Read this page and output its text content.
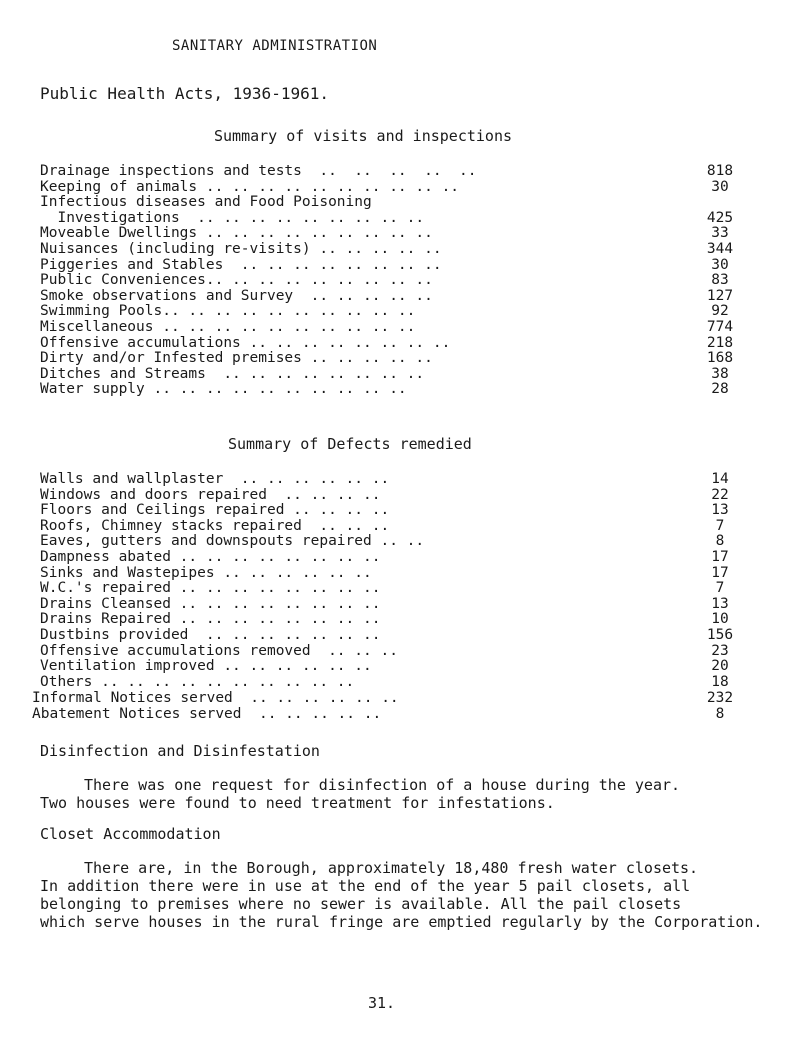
SANITARY ADMINISTRATION
Public Health Acts, 1936-1961.
Summary of visits and inspections
Drainage inspections and tests  ..  ..  ..  ..  ..	818
Keeping of animals .. .. .. .. .. .. .. .. .. ..	30
Infectious diseases and Food Poisoning
Investigations  .. .. .. .. .. .. .. .. ..	425
Moveable Dwellings .. .. .. .. .. .. .. .. ..	33
Nuisances (including re-visits) .. .. .. .. ..	344
Piggeries and Stables  .. .. .. .. .. .. .. ..	30
Public Conveniences.. .. .. .. .. .. .. .. ..	83
Smoke observations and Survey  .. .. .. .. ..	127
Swimming Pools.. .. .. .. .. .. .. .. .. ..	92
Miscellaneous .. .. .. .. .. .. .. .. .. ..	774
Offensive accumulations .. .. .. .. .. .. .. ..	218
Dirty and/or Infested premises .. .. .. .. ..	168
Ditches and Streams  .. .. .. .. .. .. .. ..	38
Water supply .. .. .. .. .. .. .. .. .. ..	28
Summary of Defects remedied
Walls and wallplaster  .. .. .. .. .. ..	14
Windows and doors repaired  .. .. .. ..	22
Floors and Ceilings repaired .. .. .. ..	13
Roofs, Chimney stacks repaired  .. .. ..	7
Eaves, gutters and downspouts repaired .. ..	8
Dampness abated .. .. .. .. .. .. .. ..	17
Sinks and Wastepipes .. .. .. .. .. ..	17
W.C.'s repaired .. .. .. .. .. .. .. ..	7
Drains Cleansed .. .. .. .. .. .. .. ..	13
Drains Repaired .. .. .. .. .. .. .. ..	10
Dustbins provided  .. .. .. .. .. .. ..	156
Offensive accumulations removed  .. .. ..	23
Ventilation improved .. .. .. .. .. ..	20
Others .. .. .. .. .. .. .. .. .. ..	18
Informal Notices served  .. .. .. .. .. ..	232
Abatement Notices served  .. .. .. .. ..	8
Disinfection and Disinfestation

There was one request for disinfection of a house during the year.

Two houses were found to need treatment for infestations.

Closet Accommodation

There are, in the Borough, approximately 18,480 fresh water closets.

In addition there were in use at the end of the year 5 pail closets, all

belonging to premises where no sewer is available. All the pail closets

which serve houses in the rural fringe are emptied regularly by the Corporation.

31.
